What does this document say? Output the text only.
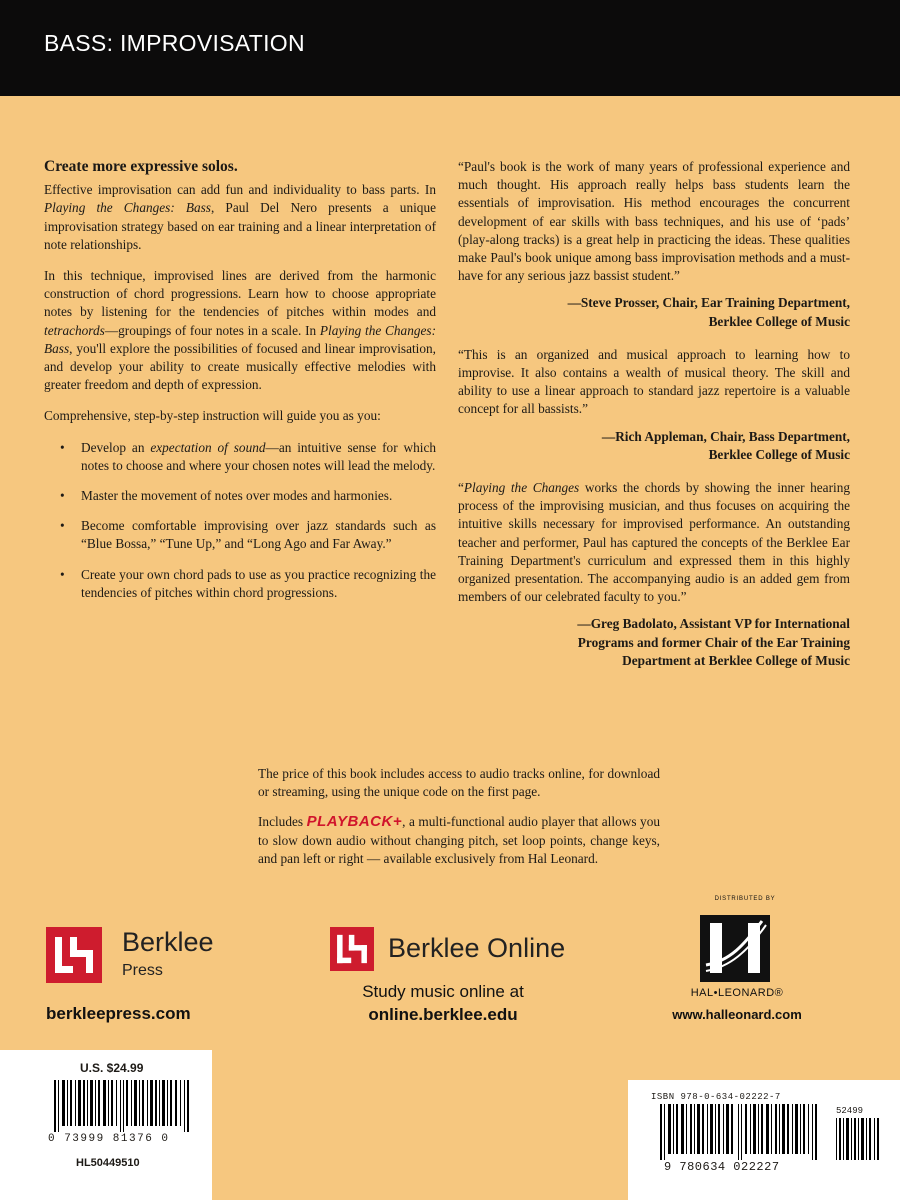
BASS: IMPROVISATION

Create more expressive solos.

Effective improvisation can add fun and individuality to bass parts. In Playing the Changes: Bass, Paul Del Nero presents a unique improvisation strategy based on ear training and a linear interpretation of note relationships.

In this technique, improvised lines are derived from the harmonic construction of chord progressions. Learn how to choose appropriate notes by listening for the tendencies of pitches within modes and tetrachords—groupings of four notes in a scale. In Playing the Changes: Bass, you'll explore the possibilities of focused and linear improvisation, and develop your ability to create musically effective melodies with greater freedom and depth of expression.

Comprehensive, step-by-step instruction will guide you as you:

• Develop an expectation of sound—an intuitive sense for which notes to choose and where your chosen notes will lead the melody.
• Master the movement of notes over modes and harmonies.
• Become comfortable improvising over jazz standards such as “Blue Bossa,” “Tune Up,” and “Long Ago and Far Away.”
• Create your own chord pads to use as you practice recognizing the tendencies of pitches within chord progressions.

“Paul's book is the work of many years of professional experience and much thought. His approach really helps bass students learn the essentials of improvisation. His method encourages the concurrent development of ear skills with bass techniques, and his use of ‘pads’ (play-along tracks) is a great help in practicing the ideas. These qualities make Paul's book unique among bass improvisation methods and a must-have for any serious jazz bassist student.”

—Steve Prosser, Chair, Ear Training Department,
Berklee College of Music

“This is an organized and musical approach to learning how to improvise. It also contains a wealth of musical theory. The skill and ability to use a linear approach to standard jazz repertoire is a valuable concept for all bassists.”

—Rich Appleman, Chair, Bass Department,
Berklee College of Music

“Playing the Changes works the chords by showing the inner hearing process of the improvising musician, and thus focuses on acquiring the intuitive skills necessary for improvised performance. An outstanding teacher and performer, Paul has captured the concepts of the Berklee Ear Training Department's curriculum and expressed them in this highly organized presentation. The accompanying audio is an added gem from members of our celebrated faculty to you.”

—Greg Badolato, Assistant VP for International
Programs and former Chair of the Ear Training
Department at Berklee College of Music

The price of this book includes access to audio tracks online, for download or streaming, using the unique code on the first page.

Includes PLAYBACK+, a multi-functional audio player that allows you to slow down audio without changing pitch, set loop points, change keys, and pan left or right — available exclusively from Hal Leonard.

Berklee
Press
berkleepress.com
Berklee Online
Study music online at
online.berklee.edu
DISTRIBUTED BY
HAL•LEONARD®
www.halleonard.com
U.S. $24.99
0 73999 81376 0
HL50449510
ISBN 978-0-634-02222-7
52499
9 780634 022227
